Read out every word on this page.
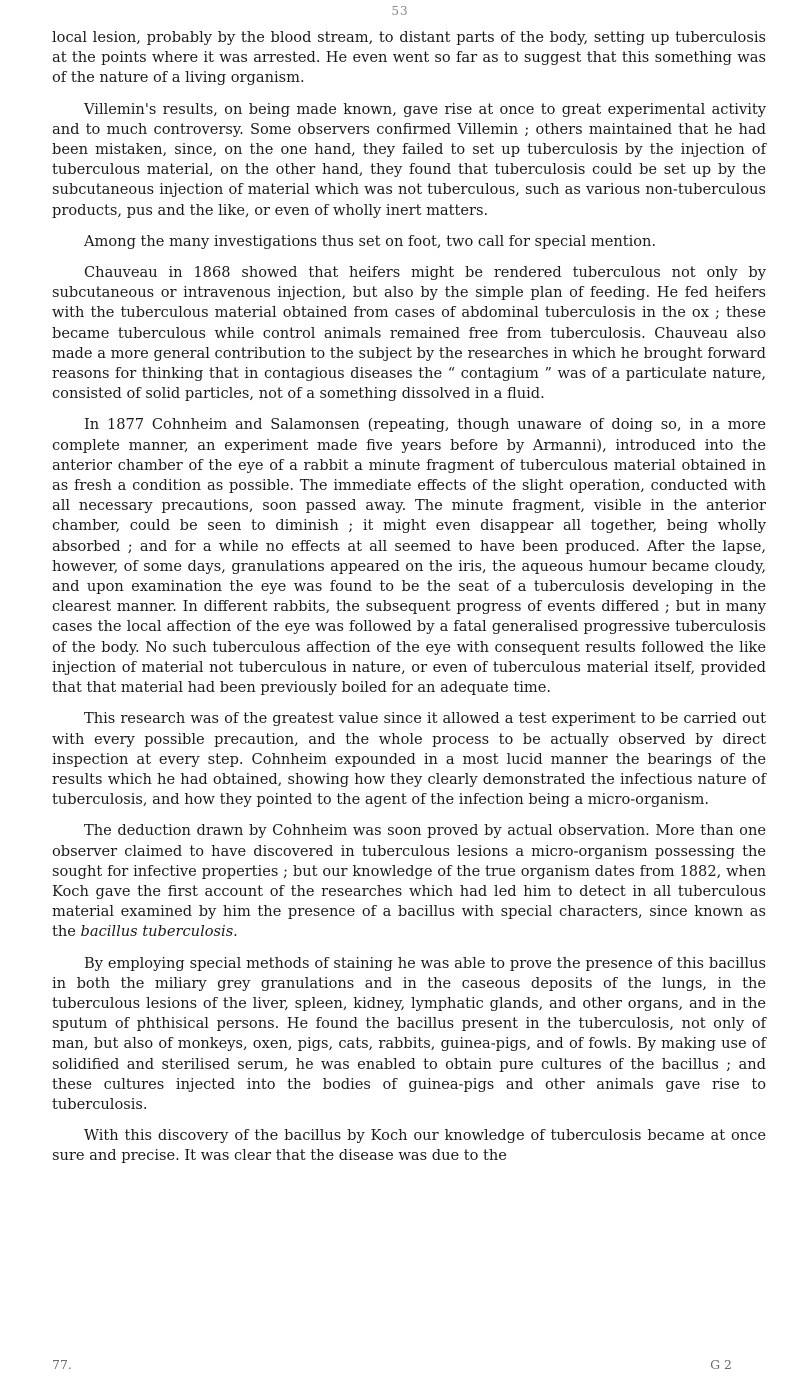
53

local lesion, probably by the blood stream, to distant parts of the body, setting up tuberculosis at the points where it was arrested. He even went so far as to suggest that this something was of the nature of a living organism.

Villemin's results, on being made known, gave rise at once to great experimental activity and to much controversy. Some observers confirmed Villemin ; others maintained that he had been mistaken, since, on the one hand, they failed to set up tuberculosis by the injection of tuberculous material, on the other hand, they found that tuberculosis could be set up by the subcutaneous injection of material which was not tuberculous, such as various non-tuberculous products, pus and the like, or even of wholly inert matters.

Among the many investigations thus set on foot, two call for special mention.

Chauveau in 1868 showed that heifers might be rendered tuberculous not only by subcutaneous or intravenous injection, but also by the simple plan of feeding. He fed heifers with the tuberculous material obtained from cases of abdominal tuberculosis in the ox ; these became tuberculous while control animals remained free from tuberculosis. Chauveau also made a more general contribution to the subject by the researches in which he brought forward reasons for thinking that in contagious diseases the “ contagium ” was of a particulate nature, consisted of solid particles, not of a something dissolved in a fluid.

In 1877 Cohnheim and Salamonsen (repeating, though unaware of doing so, in a more complete manner, an experiment made five years before by Armanni), introduced into the anterior chamber of the eye of a rabbit a minute fragment of tuberculous material obtained in as fresh a condition as possible. The immediate effects of the slight operation, conducted with all necessary precautions, soon passed away. The minute fragment, visible in the anterior chamber, could be seen to diminish ; it might even disappear all together, being wholly absorbed ; and for a while no effects at all seemed to have been produced. After the lapse, however, of some days, granulations appeared on the iris, the aqueous humour became cloudy, and upon examination the eye was found to be the seat of a tuberculosis developing in the clearest manner. In different rabbits, the subsequent progress of events differed ; but in many cases the local affection of the eye was followed by a fatal generalised progressive tuberculosis of the body. No such tuberculous affection of the eye with consequent results followed the like injection of material not tuberculous in nature, or even of tuberculous material itself, provided that that material had been previously boiled for an adequate time.

This research was of the greatest value since it allowed a test experiment to be carried out with every possible precaution, and the whole process to be actually observed by direct inspection at every step. Cohnheim expounded in a most lucid manner the bearings of the results which he had obtained, showing how they clearly demonstrated the infectious nature of tuberculosis, and how they pointed to the agent of the infection being a micro-organism.

The deduction drawn by Cohnheim was soon proved by actual observation. More than one observer claimed to have discovered in tuberculous lesions a micro-organism possessing the sought for infective properties ; but our knowledge of the true organism dates from 1882, when Koch gave the first account of the researches which had led him to detect in all tuberculous material examined by him the presence of a bacillus with special characters, since known as the bacillus tuberculosis.

By employing special methods of staining he was able to prove the presence of this bacillus in both the miliary grey granulations and in the caseous deposits of the lungs, in the tuberculous lesions of the liver, spleen, kidney, lymphatic glands, and other organs, and in the sputum of phthisical persons. He found the bacillus present in the tuberculosis, not only of man, but also of monkeys, oxen, pigs, cats, rabbits, guinea-pigs, and of fowls. By making use of solidified and sterilised serum, he was enabled to obtain pure cultures of the bacillus ; and these cultures injected into the bodies of guinea-pigs and other animals gave rise to tuberculosis.

With this discovery of the bacillus by Koch our knowledge of tuberculosis became at once sure and precise. It was clear that the disease was due to the

77.	G 2
